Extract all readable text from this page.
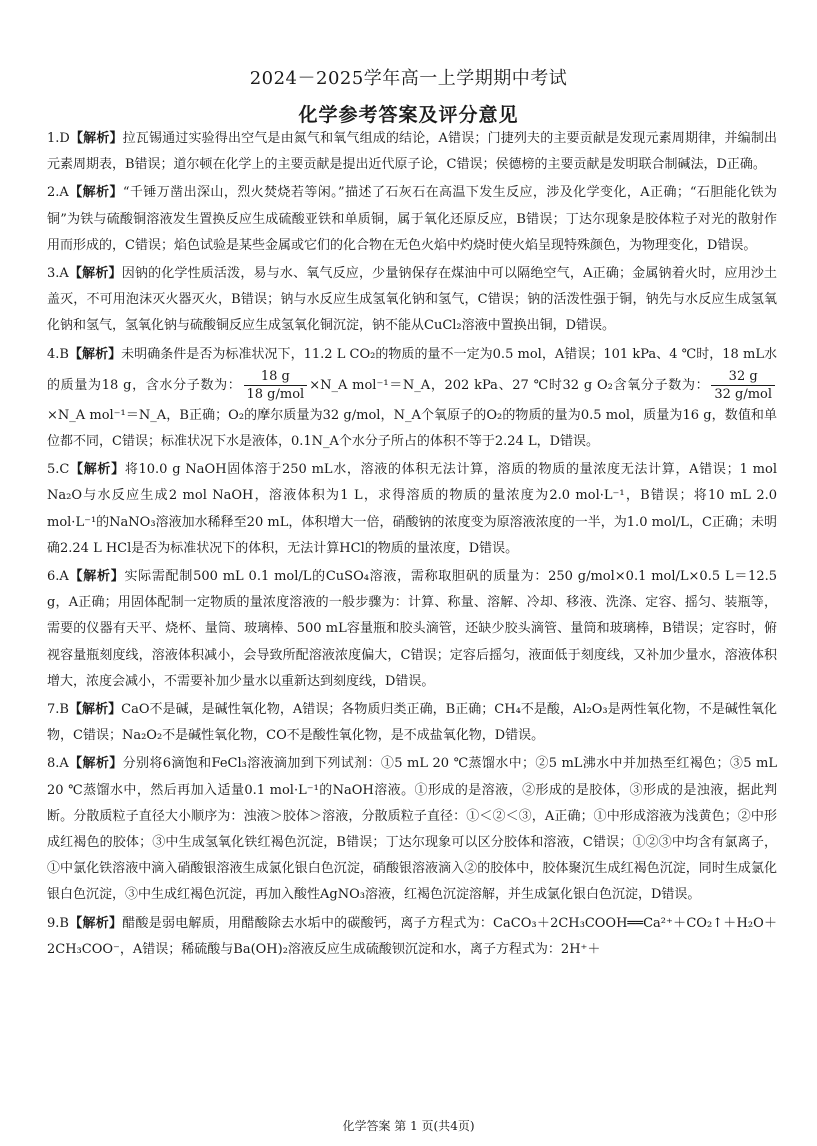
2024－2025学年高一上学期期中考试
化学参考答案及评分意见

1.D【解析】拉瓦锡通过实验得出空气是由氮气和氧气组成的结论，A错误；门捷列夫的主要贡献是发现元素周期律，并编制出元素周期表，B错误；道尔顿在化学上的主要贡献是提出近代原子论，C错误；侯德榜的主要贡献是发明联合制碱法，D正确。

2.A【解析】“千锤万凿出深山，烈火焚烧若等闲。”描述了石灰石在高温下发生反应，涉及化学变化，A正确；“石胆能化铁为铜”为铁与硫酸铜溶液发生置换反应生成硫酸亚铁和单质铜，属于氧化还原反应，B错误；丁达尔现象是胶体粒子对光的散射作用而形成的，C错误；焰色试验是某些金属或它们的化合物在无色火焰中灼烧时使火焰呈现特殊颜色，为物理变化，D错误。

3.A【解析】因钠的化学性质活泼，易与水、氧气反应，少量钠保存在煤油中可以隔绝空气，A正确；金属钠着火时，应用沙土盖灭，不可用泡沫灭火器灭火，B错误；钠与水反应生成氢氧化钠和氢气，C错误；钠的活泼性强于铜，钠先与水反应生成氢氧化钠和氢气，氢氧化钠与硫酸铜反应生成氢氧化铜沉淀，钠不能从CuCl₂溶液中置换出铜，D错误。

4.B【解析】未明确条件是否为标准状况下，11.2 L CO₂的物质的量不一定为0.5 mol，A错误；101 kPa、4 ℃时，18 mL水的质量为18 g，含水分子数为： $\frac{18 g}{\text{18 g/mol}}$ ×N_A mol⁻¹＝N_A，202 kPa、27 ℃时32 g O₂含氧分子数为： $\frac{32 g}{\text{32 g/mol}}$
×N_A mol⁻¹＝N_A，B正确；O₂的摩尔质量为32 g/mol，N_A个氧原子的O₂的物质的量为0.5 mol，质量为16 g，数值和单位都不同，C错误；标准状况下水是液体，0.1N_A个水分子所占的体积不等于2.24 L，D错误。

5.C【解析】将10.0 g NaOH固体溶于250 mL水，溶液的体积无法计算，溶质的物质的量浓度无法计算，A错误；1 mol Na₂O与水反应生成2 mol NaOH，溶液体积为1 L，求得溶质的物质的量浓度为2.0 mol·L⁻¹，B错误；将10 mL 2.0 mol·L⁻¹的NaNO₃溶液加水稀释至20 mL，体积增大一倍，硝酸钠的浓度变为原溶液浓度的一半，为1.0 mol/L，C正确；未明确2.24 L HCl是否为标准状况下的体积，无法计算HCl的物质的量浓度，D错误。

6.A【解析】实际需配制500 mL 0.1 mol/L的CuSO₄溶液，需称取胆矾的质量为：250 g/mol×0.1 mol/L×0.5 L＝12.5 g，A正确；用固体配制一定物质的量浓度溶液的一般步骤为：计算、称量、溶解、冷却、移液、洗涤、定容、摇匀、装瓶等，需要的仪器有天平、烧杯、量筒、玻璃棒、500 mL容量瓶和胶头滴管，还缺少胶头滴管、量筒和玻璃棒，B错误；定容时，俯视容量瓶刻度线，溶液体积减小，会导致所配溶液浓度偏大，C错误；定容后摇匀，液面低于刻度线，又补加少量水，溶液体积增大，浓度会减小，不需要补加少量水以重新达到刻度线，D错误。

7.B【解析】CaO不是碱，是碱性氧化物，A错误；各物质归类正确，B正确；CH₄不是酸，Al₂O₃是两性氧化物，不是碱性氧化物，C错误；Na₂O₂不是碱性氧化物，CO不是酸性氧化物，是不成盐氧化物，D错误。

8.A【解析】分别将6滴饱和FeCl₃溶液滴加到下列试剂：①5 mL 20 ℃蒸馏水中；②5 mL沸水中并加热至红褐色；③5 mL 20 ℃蒸馏水中，然后再加入适量0.1 mol·L⁻¹的NaOH溶液。①形成的是溶液，②形成的是胶体，③形成的是浊液，据此判断。分散质粒子直径大小顺序为：浊液＞胶体＞溶液，分散质粒子直径：①＜②＜③，A正确；①中形成溶液为浅黄色；②中形成红褐色的胶体；③中生成氢氧化铁红褐色沉淀，B错误；丁达尔现象可以区分胶体和溶液，C错误；①②③中均含有氯离子，①中氯化铁溶液中滴入硝酸银溶液生成氯化银白色沉淀，硝酸银溶液滴入②的胶体中，胶体聚沉生成红褐色沉淀，同时生成氯化银白色沉淀，③中生成红褐色沉淀，再加入酸性AgNO₃溶液，红褐色沉淀溶解，并生成氯化银白色沉淀，D错误。

9.B【解析】醋酸是弱电解质，用醋酸除去水垢中的碳酸钙，离子方程式为：CaCO₃＋2CH₃COOH══Ca²⁺＋CO₂↑＋H₂O＋2CH₃COO⁻，A错误；稀硫酸与Ba(OH)₂溶液反应生成硫酸钡沉淀和水，离子方程式为：2H⁺＋

化学答案 第 1 页(共4页)
